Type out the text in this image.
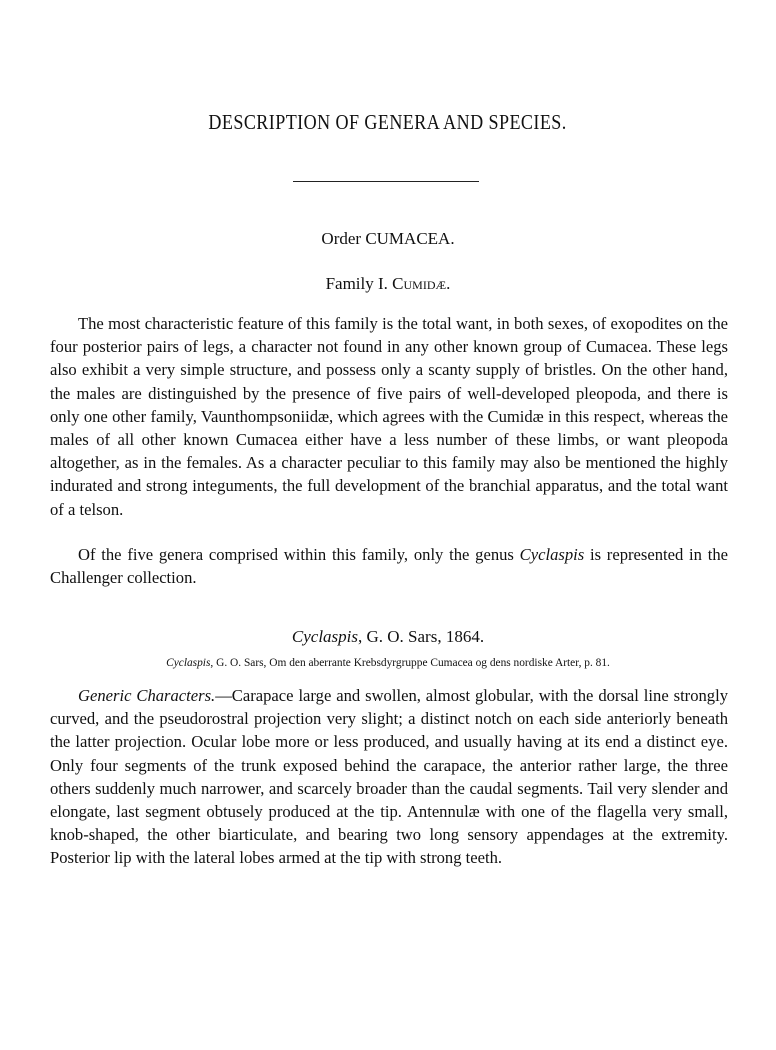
DESCRIPTION OF GENERA AND SPECIES.
Order CUMACEA.
Family I. Cumidæ.

The most characteristic feature of this family is the total want, in both sexes, of exopodites on the four posterior pairs of legs, a character not found in any other known group of Cumacea. These legs also exhibit a very simple structure, and possess only a scanty supply of bristles. On the other hand, the males are distinguished by the presence of five pairs of well-developed pleopoda, and there is only one other family, Vaunthompsoniidæ, which agrees with the Cumidæ in this respect, whereas the males of all other known Cumacea either have a less number of these limbs, or want pleopoda altogether, as in the females. As a character peculiar to this family may also be mentioned the highly indurated and strong integuments, the full development of the branchial apparatus, and the total want of a telson.

Of the five genera comprised within this family, only the genus Cyclaspis is represented in the Challenger collection.

Cyclaspis, G. O. Sars, 1864.
Cyclaspis, G. O. Sars, Om den aberrante Krebsdyrgruppe Cumacea og dens nordiske Arter, p. 81.

Generic Characters.—Carapace large and swollen, almost globular, with the dorsal line strongly curved, and the pseudorostral projection very slight; a distinct notch on each side anteriorly beneath the latter projection. Ocular lobe more or less produced, and usually having at its end a distinct eye. Only four segments of the trunk exposed behind the carapace, the anterior rather large, the three others suddenly much narrower, and scarcely broader than the caudal segments. Tail very slender and elongate, last segment obtusely produced at the tip. Antennulæ with one of the flagella very small, knob-shaped, the other biarticulate, and bearing two long sensory appendages at the extremity. Posterior lip with the lateral lobes armed at the tip with strong teeth.
